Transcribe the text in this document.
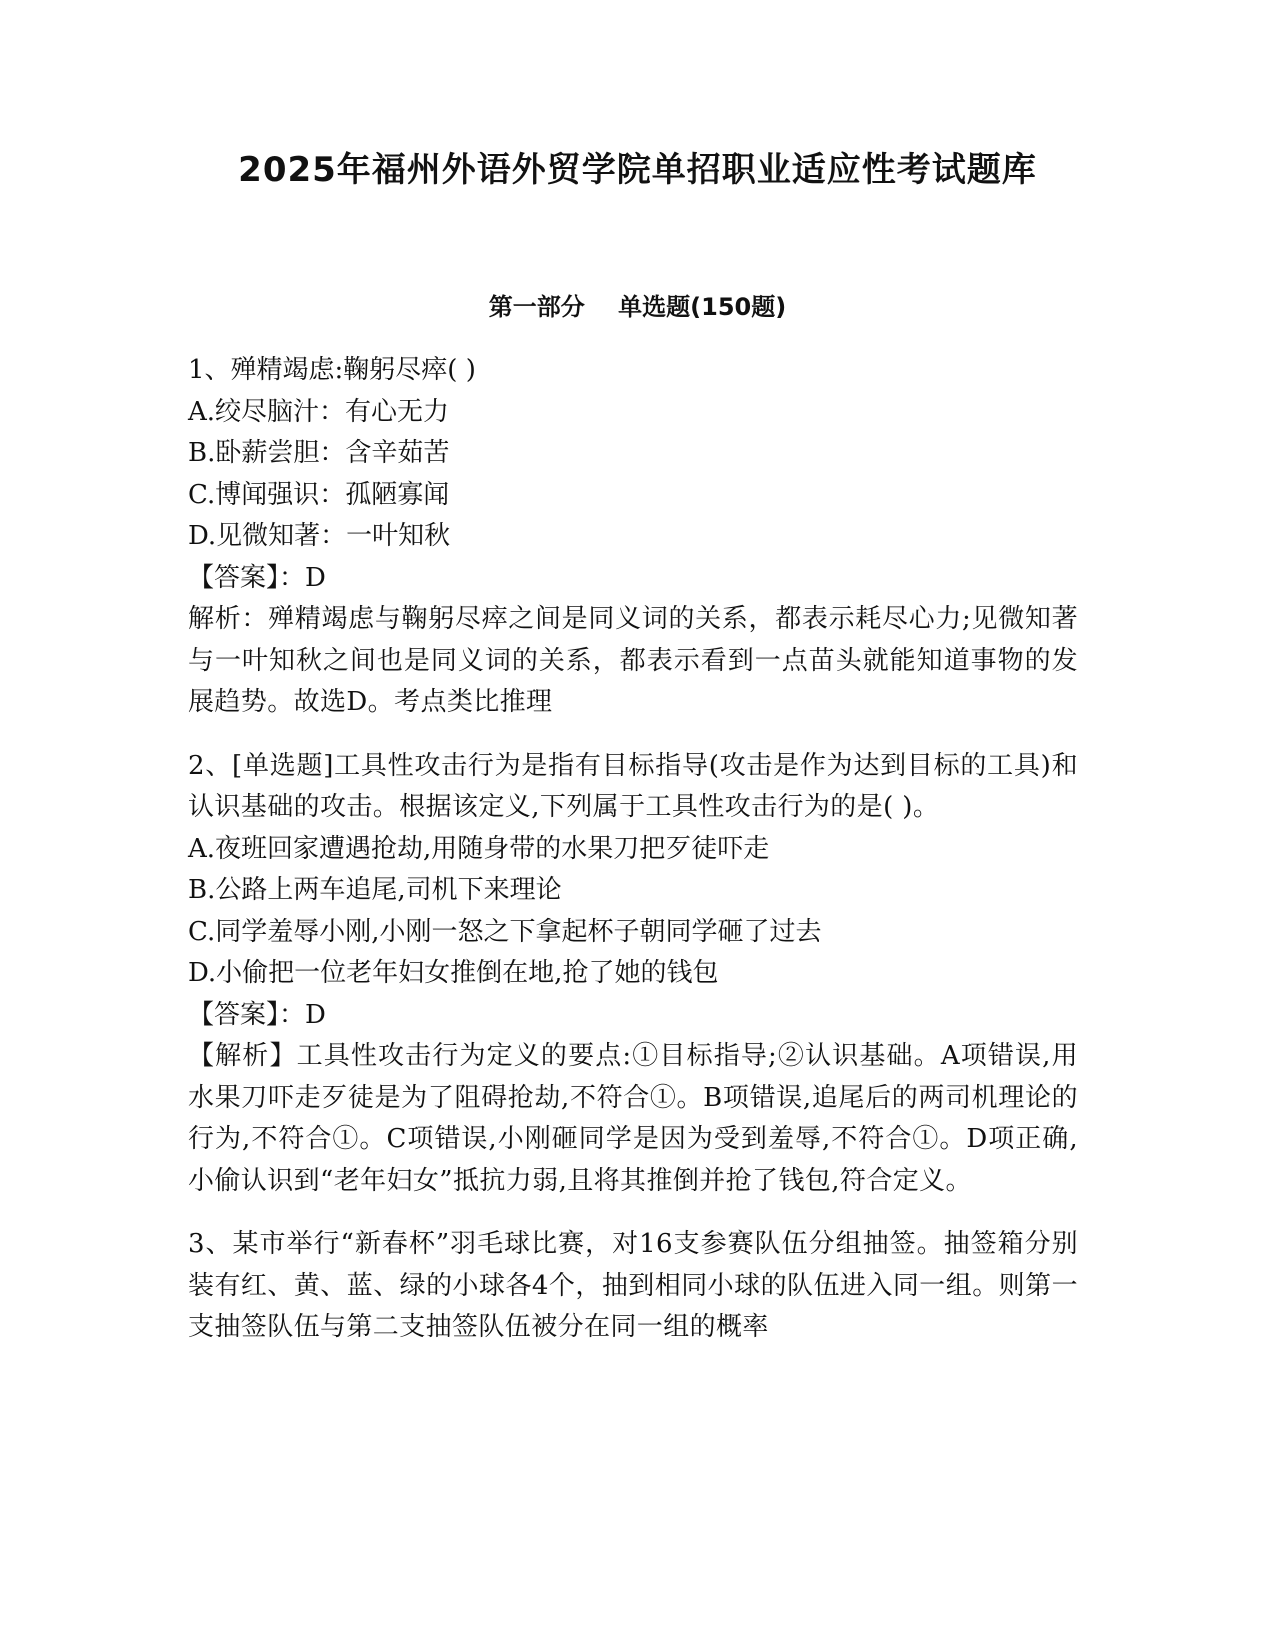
2025年福州外语外贸学院单招职业适应性考试题库
第一部分    单选题(150题)
1、殚精竭虑:鞠躬尽瘁( )
A.绞尽脑汁：有心无力
B.卧薪尝胆：含辛茹苦
C.博闻强识：孤陋寡闻
D.见微知著：一叶知秋
【答案】：D
解析：殚精竭虑与鞠躬尽瘁之间是同义词的关系，都表示耗尽心力;见微知著与一叶知秋之间也是同义词的关系，都表示看到一点苗头就能知道事物的发展趋势。故选D。考点类比推理
2、[单选题]工具性攻击行为是指有目标指导(攻击是作为达到目标的工具)和认识基础的攻击。根据该定义,下列属于工具性攻击行为的是( )。
A.夜班回家遭遇抢劫,用随身带的水果刀把歹徒吓走
B.公路上两车追尾,司机下来理论
C.同学羞辱小刚,小刚一怒之下拿起杯子朝同学砸了过去
D.小偷把一位老年妇女推倒在地,抢了她的钱包
【答案】：D
【解析】工具性攻击行为定义的要点:①目标指导;②认识基础。A项错误,用水果刀吓走歹徒是为了阻碍抢劫,不符合①。B项错误,追尾后的两司机理论的行为,不符合①。C项错误,小刚砸同学是因为受到羞辱,不符合①。D项正确,小偷认识到“老年妇女”抵抗力弱,且将其推倒并抢了钱包,符合定义。
3、某市举行“新春杯”羽毛球比赛，对16支参赛队伍分组抽签。抽签箱分别装有红、黄、蓝、绿的小球各4个，抽到相同小球的队伍进入同一组。则第一支抽签队伍与第二支抽签队伍被分在同一组的概率
